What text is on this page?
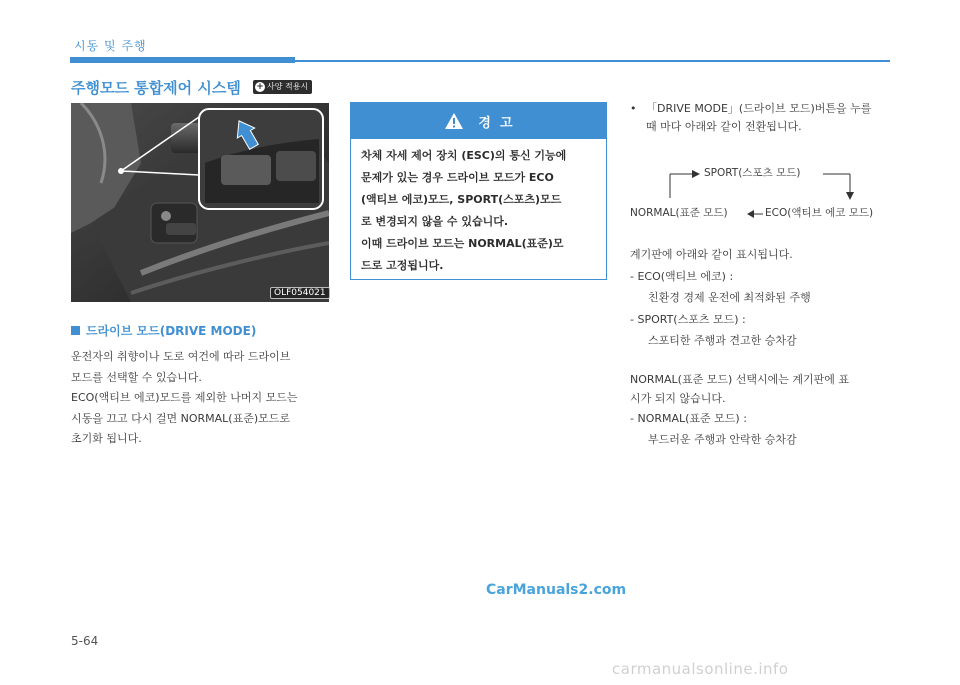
시동 및 주행
주행모드 통합제어 시스템 + 사양 적용시
OLF054021
드라이브 모드(DRIVE MODE)

운전자의 취향이나 도로 여건에 따라 드라이브

모드를 선택할 수 있습니다.

ECO(액티브 에코)모드를 제외한 나머지 모드는

시동을 끄고 다시 걸면 NORMAL(표준)모드로

초기화 됩니다.

경  고
차체 자세 제어 장치 (ESC)의 통신 기능에
문제가 있는 경우 드라이브 모드가 ECO
(액티브 에코)모드, SPORT(스포츠)모드
로 변경되지 않을 수 있습니다.
이때 드라이브 모드는 NORMAL(표준)모
드로 고정됩니다.
• 「DRIVE MODE」(드라이브 모드)버튼을 누를
때 마다 아래와 같이 전환됩니다.
SPORT(스포츠 모드)
NORMAL(표준 모드)	ECO(액티브 에코 모드)
계기판에 아래와 같이 표시됩니다.
- ECO(액티브 에코) :
친환경 경제 운전에 최적화된 주행
- SPORT(스포츠 모드) :
스포티한 주행과 견고한 승차감
NORMAL(표준 모드) 선택시에는 계기판에 표
시가 되지 않습니다.
- NORMAL(표준 모드) :
부드러운 주행과 안락한 승차감
CarManuals2.com
5-64
carmanualsonline.info
